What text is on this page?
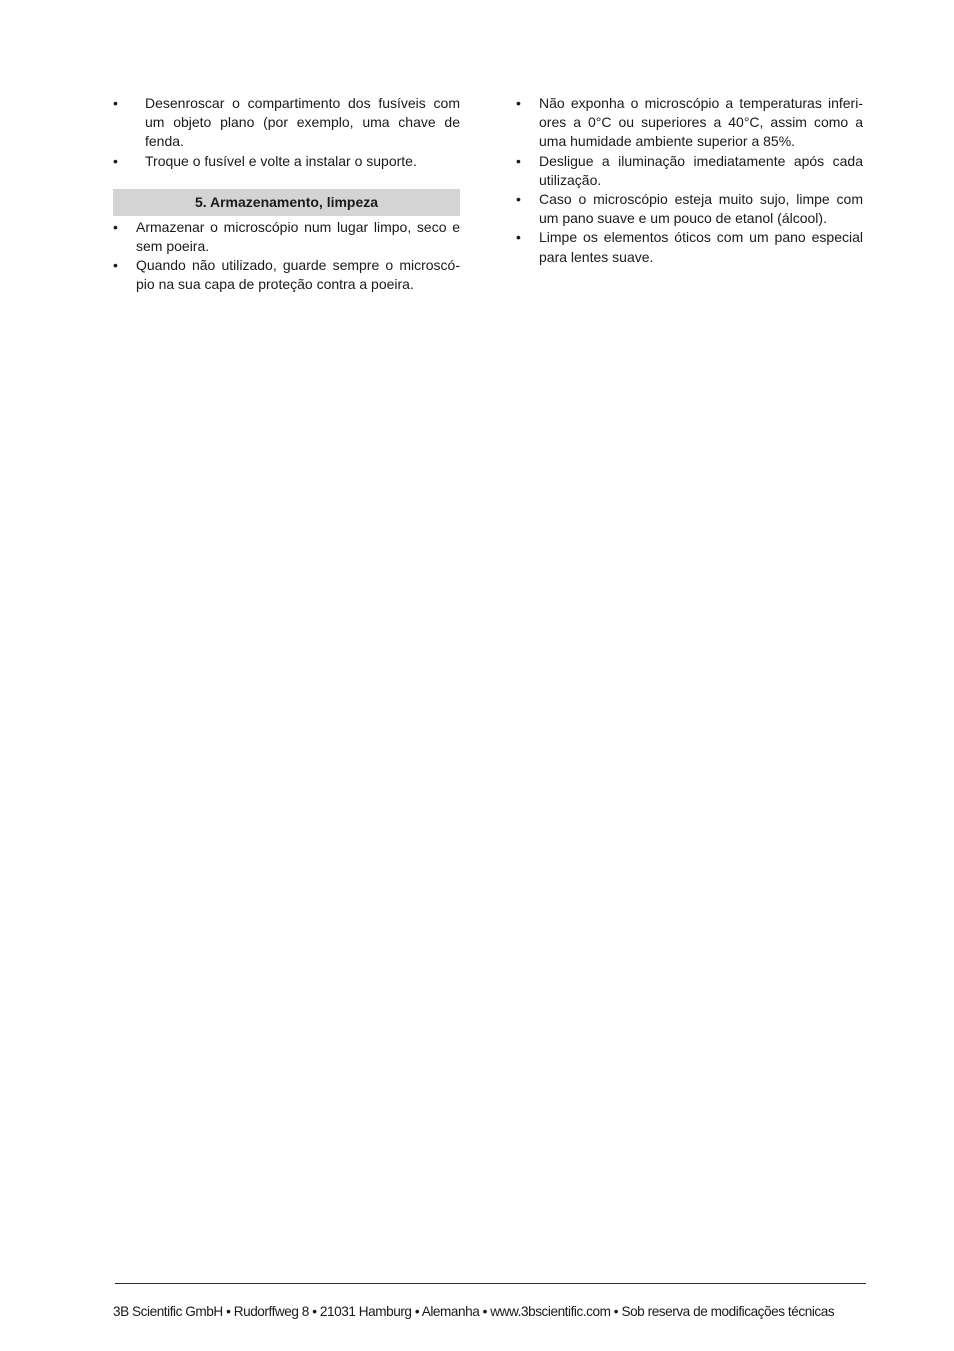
•	Desenroscar o compartimento dos fusíveis com um objeto plano (por exemplo, uma chave de fenda.
•	Troque o fusível e volte a instalar o suporte.
5. Armazenamento, limpeza
•	Armazenar o microscópio num lugar limpo, seco e sem poeira.
•	Quando não utilizado, guarde sempre o microscó-pio na sua capa de proteção contra a poeira.
•	Não exponha o microscópio a temperaturas inferi-ores a 0°C ou superiores a 40°C, assim como a uma humidade ambiente superior a 85%.
•	Desligue a iluminação imediatamente após cada utilização.
•	Caso o microscópio esteja muito sujo, limpe com um pano suave e um pouco de etanol (álcool).
•	Limpe os elementos óticos com um pano especial para lentes suave.
3B Scientific GmbH • Rudorffweg 8 • 21031 Hamburg • Alemanha • www.3bscientific.com • Sob reserva de modificações técnicas
